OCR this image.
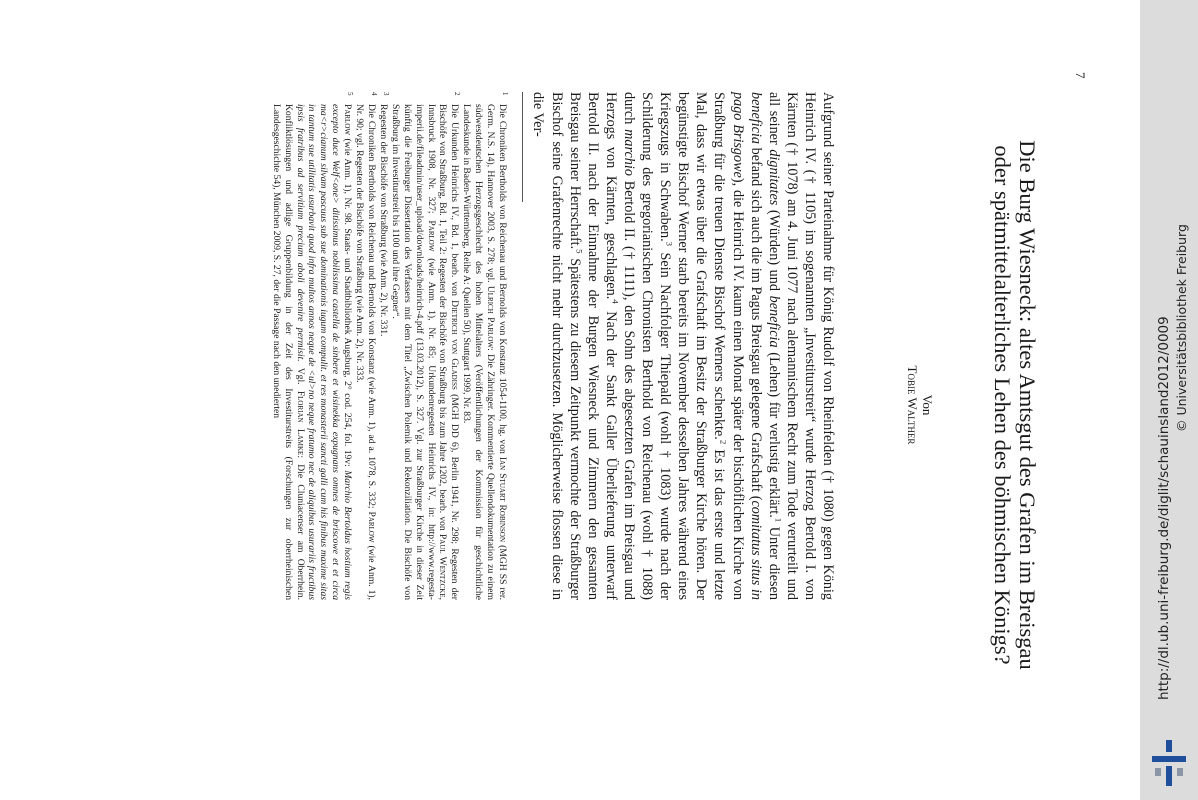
7
Die Burg Wiesneck: altes Amtsgut des Grafen im Breisgau
oder spätmittelalterliches Lehen des böhmischen Königs?
Von
Tobie Walther

Aufgrund seiner Parteinahme für König Rudolf von Rheinfelden († 1080) gegen König Heinrich IV. († 1105) im sogenannten „Investiturstreit“ wurde Herzog Bertold I. von Kärnten († 1078) am 4. Juni 1077 nach alemannischem Recht zum Tode verurteilt und all seiner dignitates (Würden) und beneficia (Lehen) für verlustig erklärt.$^1$ Unter diesen beneficia befand sich auch die im Pagus Breisgau gelegene Grafschaft (comitatus situs in pago Brisgowe), die Heinrich IV. kaum einen Monat später der bischöflichen Kirche von Straßburg für die treuen Dienste Bischof Werners schenkte.$^2$ Es ist das erste und letzte Mal, dass wir etwas über die Grafschaft im Besitz der Straßburger Kirche hören. Der begünstigte Bischof Werner starb bereits im November desselben Jahres während eines Kriegszugs in Schwaben.$^3$ Sein Nachfolger Thiepald (wohl † 1083) wurde nach der Schilderung des gregorianischen Chronisten Berthold von Reichenau (wohl † 1088) durch marchio Bertold II. († 1111), den Sohn des abgesetzten Grafen im Breisgau und Herzogs von Kärnten, geschlagen.$^4$ Nach der Sankt Galler Überlieferung unterwarf Bertold II. nach der Einnahme der Burgen Wiesneck und Zimmern den gesamten Breisgau seiner Herrschaft.$^5$ Spätestens zu diesem Zeitpunkt vermochte der Straßburger Bischof seine Grafenrechte nicht mehr durchzusetzen. Möglicherweise flossen diese in die Ver-

1
Die Chroniken Bertholds von Reichenau und Bernolds von Konstanz 1054-1100, hg. von Ian Stuart Robinson (MGH SS rer. Germ. N.S. 14), Hannover 2003, S. 278; vgl. Ulrich Parlow: Die Zähringer. Kommentierte Quellendokumentation zu einem südwestdeutschen Herzogsgeschlecht des hohen Mittelalters (Veröffentlichungen der Kommission für geschichtliche Landeskunde in Baden-Württemberg, Reihe A: Quellen 50), Stuttgart 1999, Nr. 83.

2
Die Urkunden Heinrichs IV., Bd. 1, bearb. von Dietrich von Gladiss (MGH DD 6), Berlin 1941, Nr. 298; Regesten der Bischöfe von Straßburg, Bd. 1, Teil 2: Regesten der Bischöfe von Straßburg bis zum Jahre 1202, bearb. von Paul Wentzcke, Innsbruck 1908, Nr. 327; Parlow (wie Anm. 1), Nr. 85; Urkundenregesten Heinrichs IV., in: http://www.regesta-imperii.de/fileadmin/user_upload/downloads/heinrich-4.pdf (13.03.2012), S. 327. Vgl. zur Straßburger Kirche in dieser Zeit künftig die Freiburger Dissertation des Verfassers mit dem Titel „Zwischen Polemik und Rekonziliation. Die Bischöfe von Straßburg im Investiturstreit bis 1100 und ihre Gegner“.

3
Regesten der Bischöfe von Straßburg (wie Anm. 2), Nr. 331.

4
Die Chroniken Bertholds von Reichenau und Bernolds von Konstanz (wie Anm. 1), ad a. 1078, S. 332; Parlow (wie Anm. 1), Nr. 90; vgl. Regesten der Bischöfe von Straßburg (wie Anm. 2), Nr. 333.

5
Parlow (wie Anm. 1), Nr. 98. Staats- und Stadtbibliothek Augsburg, 2° cod. 254, fol. 19v: Marchio Bertoldus hostium regis excepto duce Welf<one> ditissimus nobilissima castella de sinbere et wisinekka expugnans omnes de briscowe et et circa ma<r>cianum silvam pascuus sub sue dominationis iugum compulit. et res monasterii sancti galli cum his finibus maxime sitas in tantum sue utilitatis usurbavit quod infra multos annos neque de <ul>no neque fratumo nec de aliquibus usurariis fructibus ipsis fratribus ad servitium precium aboli devenire permisit. Vgl. Florian Lamke: Die Cluniacenser am Oberrhein. Konfliktlösungen und adlige Gruppenbildung in der Zeit des Investiturstreits (Forschungen zur oberrheinischen Landesgeschichte 54), München 2009, S. 27, der die Passage nach den unedierten

http://dl.ub.uni-freiburg.de/diglit/schauinsland2012/0009 © Universitätsbibliothek Freiburg
